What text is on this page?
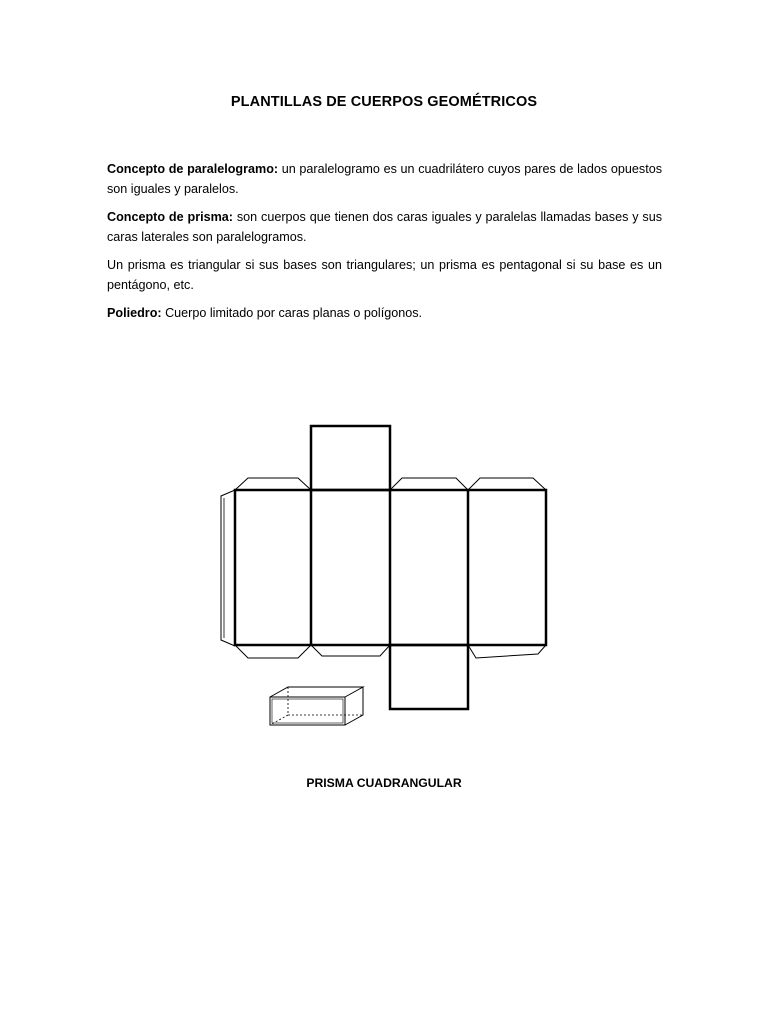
PLANTILLAS DE CUERPOS GEOMÉTRICOS

Concepto de paralelogramo: un paralelogramo es un cuadrilátero cuyos pares de lados opuestos son iguales y paralelos.

Concepto de prisma: son cuerpos que tienen dos caras iguales y paralelas llamadas bases y sus caras laterales son paralelogramos.

Un prisma es triangular si sus bases son triangulares; un prisma es pentagonal si su base es un pentágono, etc.

Poliedro: Cuerpo limitado por caras planas o polígonos.

PRISMA CUADRANGULAR
